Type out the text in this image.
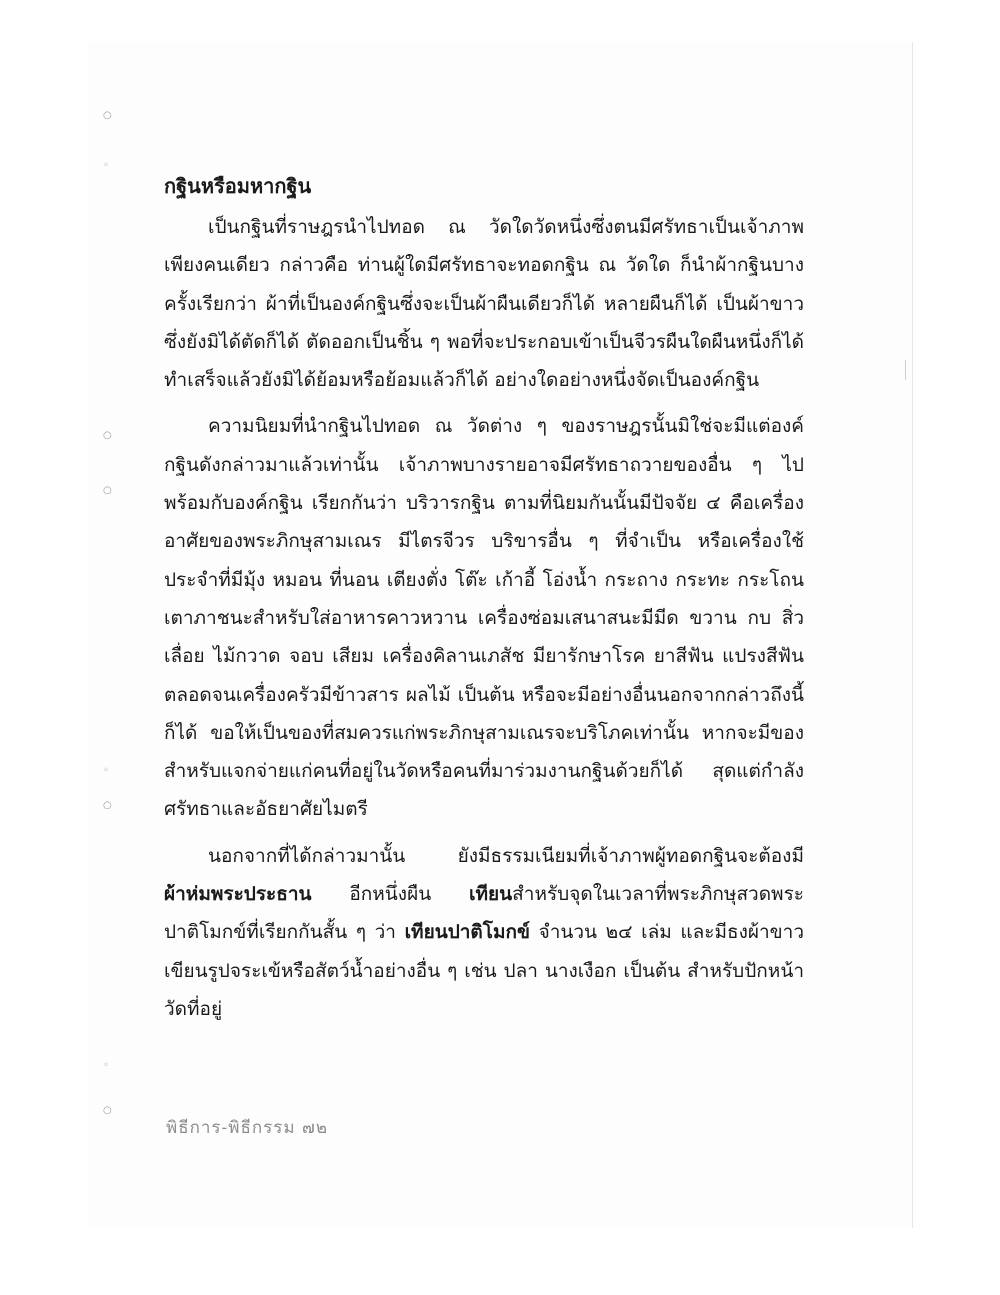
○
◦
○
○
◦
○
◦
○
กฐินหรือมหากฐิน

เป็นกฐินที่ราษฎรนำไปทอด ณ วัดใดวัดหนึ่งซึ่งตนมีศรัทธาเป็นเจ้าภาพเพียงคนเดียว กล่าวคือ ท่านผู้ใดมีศรัทธาจะทอดกฐิน ณ วัดใด ก็นำผ้ากฐินบางครั้งเรียกว่า ผ้าที่เป็นองค์กฐินซึ่งจะเป็นผ้าผืนเดียวก็ได้ หลายผืนก็ได้ เป็นผ้าขาวซึ่งยังมิได้ตัดก็ได้ ตัดออกเป็นชิ้น ๆ พอที่จะประกอบเข้าเป็นจีวรผืนใดผืนหนึ่งก็ได้ ทำเสร็จแล้วยังมิได้ย้อมหรือย้อมแล้วก็ได้ อย่างใดอย่างหนึ่งจัดเป็นองค์กฐิน

ความนิยมที่นำกฐินไปทอด ณ วัดต่าง ๆ ของราษฎรนั้นมิใช่จะมีแต่องค์กฐินดังกล่าวมาแล้วเท่านั้น เจ้าภาพบางรายอาจมีศรัทธาถวายของอื่น ๆ ไปพร้อมกับองค์กฐิน เรียกกันว่า บริวารกฐิน ตามที่นิยมกันนั้นมีปัจจัย ๔ คือเครื่องอาศัยของพระภิกษุสามเณร มีไตรจีวร บริขารอื่น ๆ ที่จำเป็น หรือเครื่องใช้ประจำที่มีมุ้ง หมอน ที่นอน เตียงตั่ง โต๊ะ เก้าอี้ โอ่งน้ำ กระถาง กระทะ กระโถน เตาภาชนะสำหรับใส่อาหารคาวหวาน เครื่องซ่อมเสนาสนะมีมีด ขวาน กบ สิ่วเลื่อย ไม้กวาด จอบ เสียม เครื่องคิลานเภสัช มียารักษาโรค ยาสีฟัน แปรงสีฟันตลอดจนเครื่องครัวมีข้าวสาร ผลไม้ เป็นต้น หรือจะมีอย่างอื่นนอกจากกล่าวถึงนี้ก็ได้ ขอให้เป็นของที่สมควรแก่พระภิกษุสามเณรจะบริโภคเท่านั้น หากจะมีของสำหรับแจกจ่ายแก่คนที่อยู่ในวัดหรือคนที่มาร่วมงานกฐินด้วยก็ได้ สุดแต่กำลังศรัทธาและอัธยาศัยไมตรี

นอกจากที่ได้กล่าวมานั้น ยังมีธรรมเนียมที่เจ้าภาพผู้ทอดกฐินจะต้องมีผ้าห่มพระประธาน อีกหนึ่งผืน เทียนสำหรับจุดในเวลาที่พระภิกษุสวดพระปาติโมกข์ที่เรียกกันสั้น ๆ ว่า เทียนปาติโมกข์ จำนวน ๒๔ เล่ม และมีธงผ้าขาวเขียนรูปจระเข้หรือสัตว์น้ำอย่างอื่น ๆ เช่น ปลา นางเงือก เป็นต้น สำหรับปักหน้าวัดที่อยู่

พิธีการ-พิธีกรรม ๗๒
